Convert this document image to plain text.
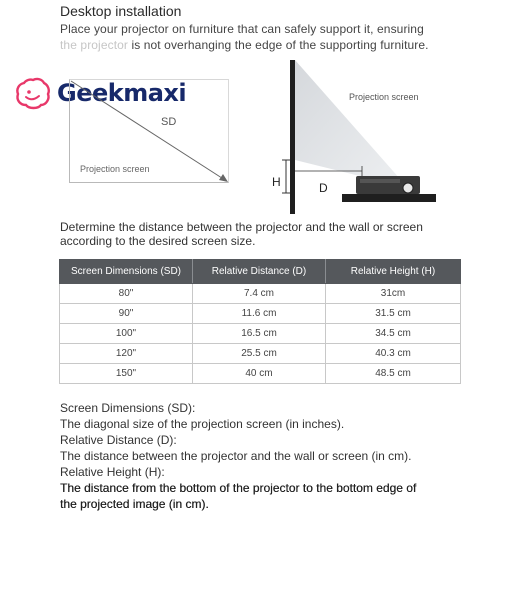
Desktop installation
Place your projector on furniture that can safely support it, ensuring
the projector is not overhanging the edge of the supporting furniture.
Geekmaxi
SD
Projection screen
Projection screen
H	D
Determine the distance between the projector and the wall or screen
according to the desired screen size.
Screen Dimensions (SD)	Relative Distance (D)	Relative Height (H)
80"	7.4 cm	31cm
90"	11.6 cm	31.5 cm
100"	16.5 cm	34.5 cm
120"	25.5 cm	40.3 cm
150"	40 cm	48.5 cm
Screen Dimensions (SD):
The diagonal size of the projection screen (in inches).
Relative Distance (D):
The distance between the projector and the wall or screen (in cm).
Relative Height (H):
The distance from the bottom of the projector to the bottom edge of
the projected image (in cm).
